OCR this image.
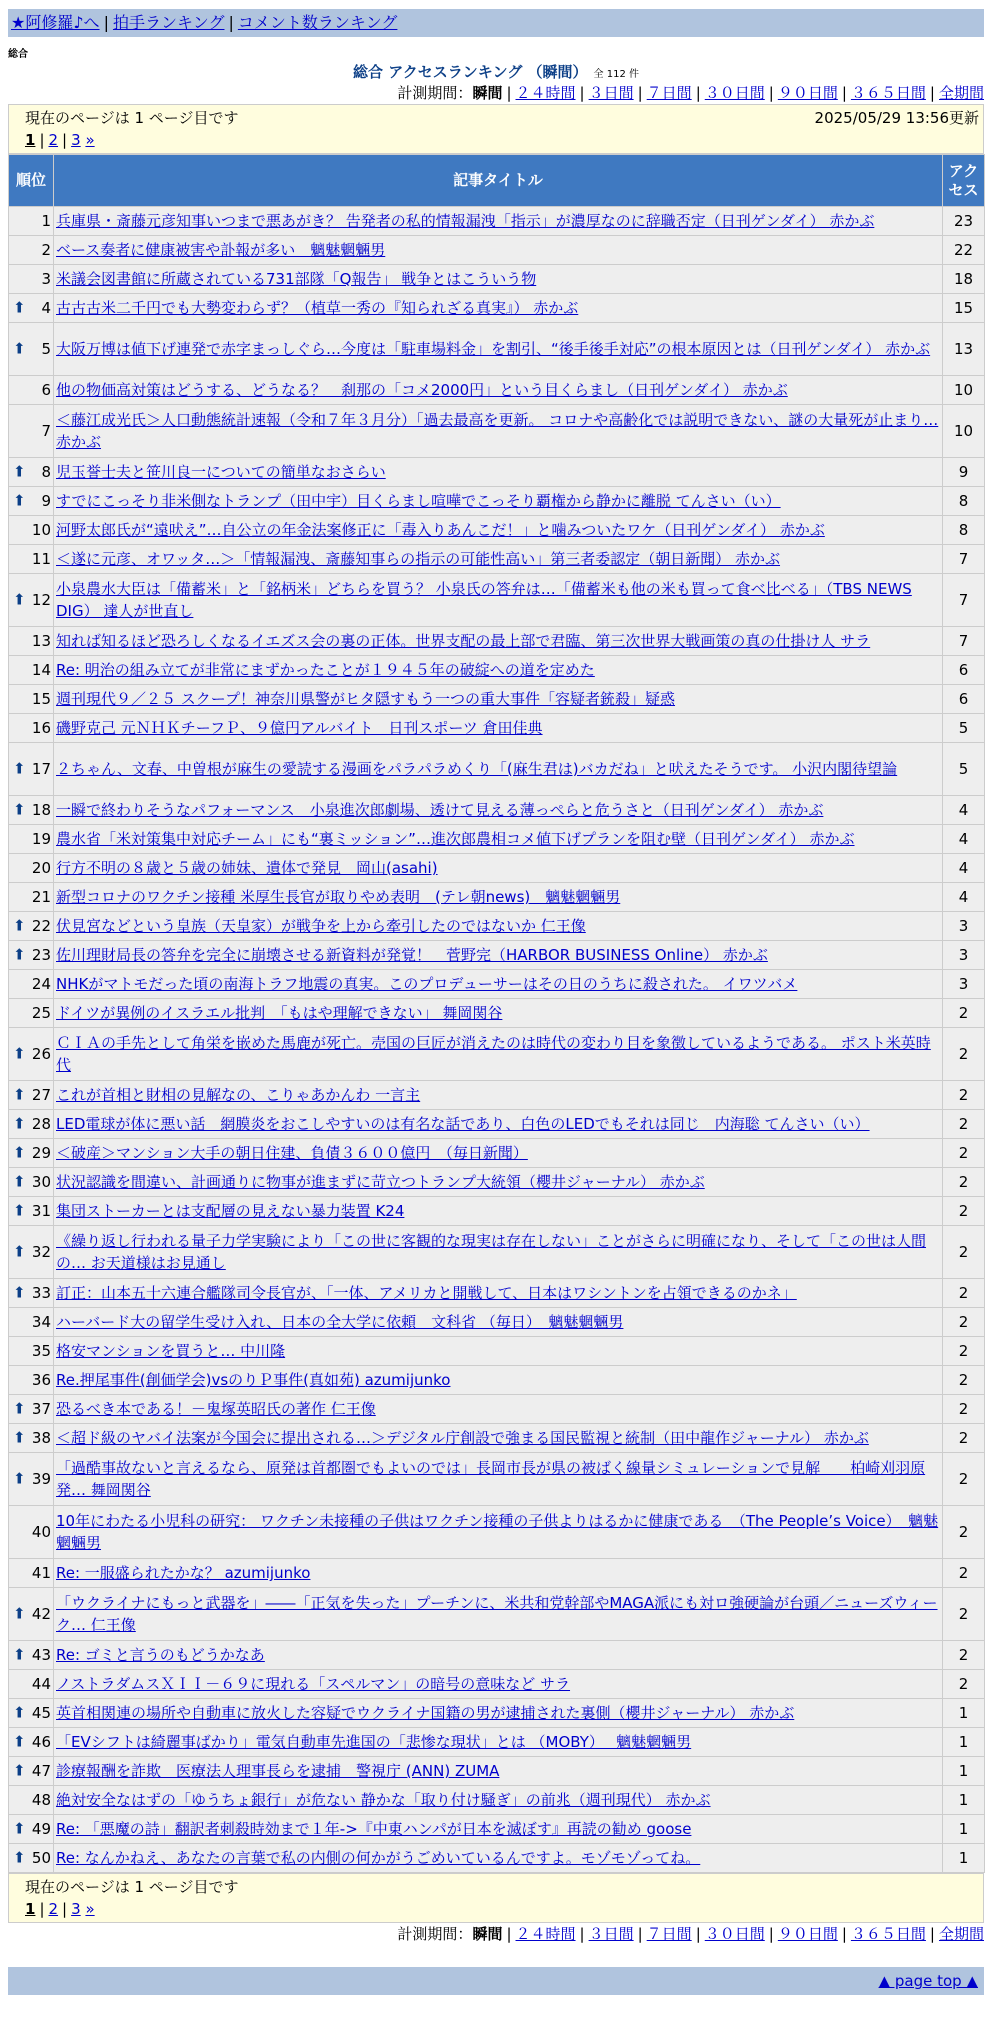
★阿修羅♪へ | 拍手ランキング | コメント数ランキング
総合
総合 アクセスランキング （瞬間） 全 112 件
計測期間：瞬間 | ２４時間 | ３日間 | ７日間 | ３０日間 | ９０日間 | ３６５日間 | 全期間
現在のページは 1 ページ目です	2025/05/29 13:56更新
1 | 2 | 3 »
順位	記事タイトル	アクセス
1	兵庫県・斎藤元彦知事いつまで悪あがき？ 告発者の私的情報漏洩「指示」が濃厚なのに辞職否定（日刊ゲンダイ） 赤かぶ	23
2	ベース奏者に健康被害や訃報が多い　魑魅魍魎男	22
3	米議会図書館に所蔵されている731部隊「Q報告」 戦争とはこういう物	18

⬆ 4	古古古米二千円でも大勢変わらず？（植草一秀の『知られざる真実』） 赤かぶ	15

⬆ 5	大阪万博は値下げ連発で赤字まっしぐら…今度は「駐車場料金」を割引、“後手後手対応”の根本原因とは（日刊ゲンダイ） 赤かぶ	13
6	他の物価高対策はどうする、どうなる？　刹那の「コメ2000円」という目くらまし（日刊ゲンダイ） 赤かぶ	10
7	＜藤江成光氏＞人口動態統計速報（令和７年３月分）「過去最高を更新。 コロナや高齢化では説明できない、謎の大量死が止まり… 赤かぶ	10

⬆ 8	児玉誉士夫と笹川良一についての簡単なおさらい	9

⬆ 9	すでにこっそり非米側なトランプ（田中宇）目くらまし喧嘩でこっそり覇権から静かに離脱 てんさい（い）	8
10	河野太郎氏が“遠吠え”…自公立の年金法案修正に「毒入りあんこだ！」と噛みついたワケ（日刊ゲンダイ） 赤かぶ	8
11	＜遂に元彦、オワッタ…＞「情報漏洩、斎藤知事らの指示の可能性高い」第三者委認定（朝日新聞） 赤かぶ	7

⬆ 12	小泉農水大臣は「備蓄米」と「銘柄米」どちらを買う？ 小泉氏の答弁は…「備蓄米も他の米も買って食べ比べる」（TBS NEWS DIG） 達人が世直し	7
13	知れば知るほど恐ろしくなるイエズス会の裏の正体。世界支配の最上部で君臨、第三次世界大戦画策の真の仕掛け人 サラ	7
14	Re: 明治の組み立てが非常にまずかったことが１９４５年の破綻への道を定めた	6
15	週刊現代９／２５ スクープ！神奈川県警がヒタ隠すもう一つの重大事件「容疑者銃殺」疑惑	6
16	磯野克己 元ＮＨＫチーフＰ、９億円アルバイト　日刊スポーツ 倉田佳典	5

⬆ 17	２ちゃん、文春、中曽根が麻生の愛読する漫画をパラパラめくり「(麻生君は)バカだね」と吠えたそうです。 小沢内閣待望論	5

⬆ 18	一瞬で終わりそうなパフォーマンス　小泉進次郎劇場、透けて見える薄っぺらと危うさと（日刊ゲンダイ） 赤かぶ	4
19	農水省「米対策集中対応チーム」にも“裏ミッション”…進次郎農相コメ値下げプランを阻む壁（日刊ゲンダイ） 赤かぶ	4
20	行方不明の８歳と５歳の姉妹、遺体で発見　岡山(asahi)	4
21	新型コロナのワクチン接種 米厚生長官が取りやめ表明　(テレ朝news)　魑魅魍魎男	4

⬆ 22	伏見宮などという皇族（天皇家）が戦争を上から牽引したのではないか 仁王像	3

⬆ 23	佐川理財局長の答弁を完全に崩壊させる新資料が発覚！　菅野完（HARBOR BUSINESS Online） 赤かぶ	3
24	NHKがマトモだった頃の南海トラフ地震の真実。このプロデューサーはその日のうちに殺された。 イワツバメ	3
25	ドイツが異例のイスラエル批判　「もはや理解できない」 舞岡関谷	2

⬆ 26	ＣＩＡの手先として角栄を嵌めた馬鹿が死亡。売国の巨匠が消えたのは時代の変わり目を象徴しているようである。 ポスト米英時代	2

⬆ 27	これが首相と財相の見解なの、こりゃあかんわ 一言主	2

⬆ 28	LED電球が体に悪い話　網膜炎をおこしやすいのは有名な話であり、白色のLEDでもそれは同じ　内海聡 てんさい（い）	2

⬆ 29	＜破産＞マンション大手の朝日住建、負債３６００億円　（毎日新聞）	2

⬆ 30	状況認識を間違い、計画通りに物事が進まずに苛立つトランプ大統領（櫻井ジャーナル） 赤かぶ	2

⬆ 31	集団ストーカーとは支配層の見えない暴力装置 K24	2

⬆ 32	《繰り返し行われる量子力学実験により「この世に客観的な現実は存在しない」ことがさらに明確になり、そして「この世は人間の… お天道様はお見通し	2

⬆ 33	訂正：山本五十六連合艦隊司令長官が、「一体、アメリカと開戦して、日本はワシントンを占領できるのかネ」	2
34	ハーバード大の留学生受け入れ、日本の全大学に依頼　文科省 （毎日）　魑魅魍魎男	2
35	格安マンションを買うと… 中川隆	2
36	Re.押尾事件(創価学会)vsのりＰ事件(真如苑) azumijunko	2

⬆ 37	恐るべき本である！－鬼塚英昭氏の著作 仁王像	2

⬆ 38	＜超ド級のヤバイ法案が今国会に提出される…＞デジタル庁創設で強まる国民監視と統制（田中龍作ジャーナル） 赤かぶ	2

⬆ 39	「過酷事故ないと言えるなら、原発は首都圏でもよいのでは」長岡市長が県の被ばく線量シミュレーションで見解　　柏崎刈羽原発… 舞岡関谷	2
40	10年にわたる小児科の研究： ワクチン未接種の子供はワクチン接種の子供よりはるかに健康である　（The People’s Voice）　魑魅魍魎男	2
41	Re: 一服盛られたかな？ azumijunko	2

⬆ 42	「ウクライナにもっと武器を」――「正気を失った」プーチンに、米共和党幹部やMAGA派にも対ロ強硬論が台頭／ニューズウィーク… 仁王像	2

⬆ 43	Re: ゴミと言うのもどうかなあ	2
44	ノストラダムスＸＩＩ－６９に現れる「スペルマン」の暗号の意味など サラ	2

⬆ 45	英首相関連の場所や自動車に放火した容疑でウクライナ国籍の男が逮捕された裏側（櫻井ジャーナル） 赤かぶ	1

⬆ 46	「EVシフトは綺麗事ばかり」電気自動車先進国の「悲惨な現状」とは （MOBY）　 魑魅魍魎男	1

⬆ 47	診療報酬を詐欺　医療法人理事長らを逮捕　警視庁 (ANN) ZUMA	1
48	絶対安全なはずの「ゆうちょ銀行」が危ない 静かな「取り付け騒ぎ」の前兆（週刊現代） 赤かぶ	1

⬆ 49	Re: 「悪魔の詩」翻訳者刺殺時効まで１年->『中東ハンパが日本を滅ぼす』再読の勧め goose	1

⬆ 50	Re: なんかねえ、あなたの言葉で私の内側の何かがうごめいているんですよ。モゾモゾってね。	1
現在のページは 1 ページ目です
1 | 2 | 3 »
計測期間：瞬間 | ２４時間 | ３日間 | ７日間 | ３０日間 | ９０日間 | ３６５日間 | 全期間
▲ page top ▲
